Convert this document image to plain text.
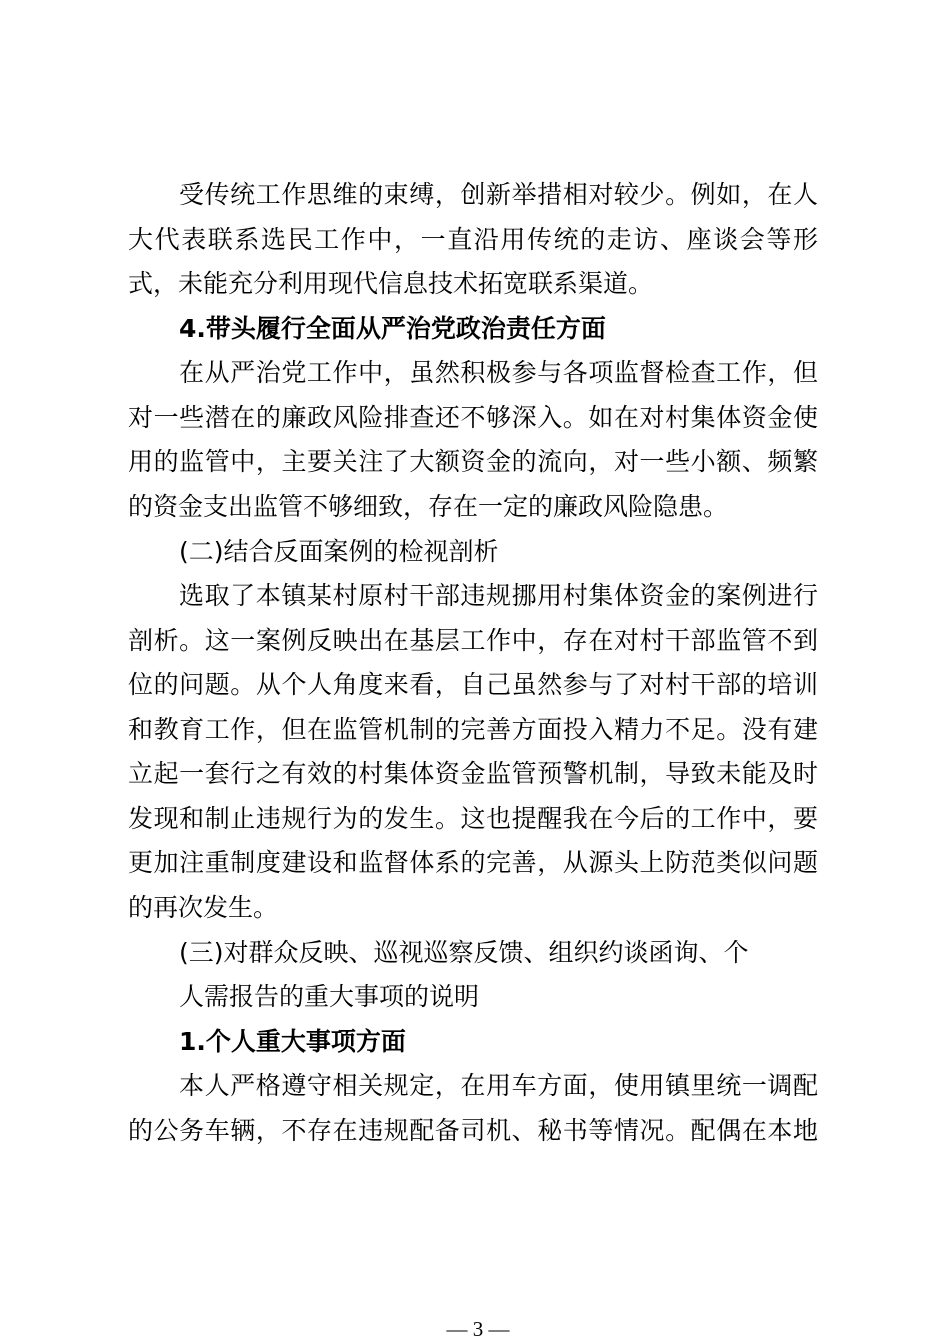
受传统工作思维的束缚，创新举措相对较少。例如，在人
大代表联系选民工作中，一直沿用传统的走访、座谈会等形
式，未能充分利用现代信息技术拓宽联系渠道。
4.带头履行全面从严治党政治责任方面
在从严治党工作中，虽然积极参与各项监督检查工作，但
对一些潜在的廉政风险排查还不够深入。如在对村集体资金使
用的监管中，主要关注了大额资金的流向，对一些小额、频繁
的资金支出监管不够细致，存在一定的廉政风险隐患。
(二)结合反面案例的检视剖析
选取了本镇某村原村干部违规挪用村集体资金的案例进行
剖析。这一案例反映出在基层工作中，存在对村干部监管不到
位的问题。从个人角度来看，自己虽然参与了对村干部的培训
和教育工作，但在监管机制的完善方面投入精力不足。没有建
立起一套行之有效的村集体资金监管预警机制，导致未能及时
发现和制止违规行为的发生。这也提醒我在今后的工作中，要
更加注重制度建设和监督体系的完善，从源头上防范类似问题
的再次发生。
(三)对群众反映、巡视巡察反馈、组织约谈函询、个
人需报告的重大事项的说明
1.个人重大事项方面
本人严格遵守相关规定，在用车方面，使用镇里统一调配
的公务车辆，不存在违规配备司机、秘书等情况。配偶在本地
— 3 —
